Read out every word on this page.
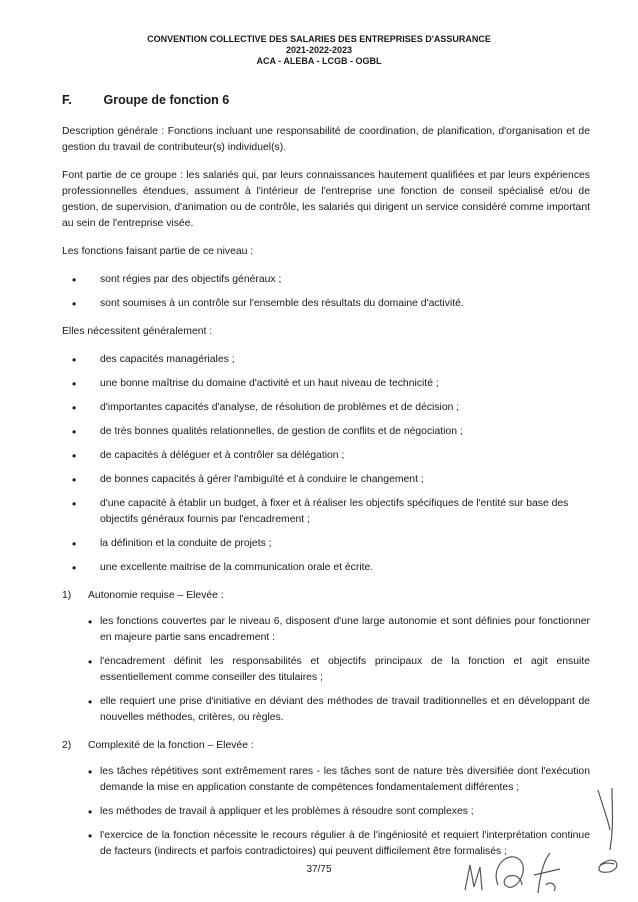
CONVENTION COLLECTIVE DES SALARIES DES ENTREPRISES D'ASSURANCE
2021-2022-2023
ACA - ALEBA - LCGB - OGBL
F.	Groupe de fonction 6

Description générale : Fonctions incluant une responsabilité de coordination, de planification, d'organisation et de gestion du travail de contributeur(s) individuel(s).

Font partie de ce groupe : les salariés qui, par leurs connaissances hautement qualifiées et par leurs expériences professionnelles étendues, assument à l'intérieur de l'entreprise une fonction de conseil spécialisé et/ou de gestion, de supervision, d'animation ou de contrôle, les salariés qui dirigent un service considéré comme important au sein de l'entreprise visée.

Les fonctions faisant partie de ce niveau :

• sont régies par des objectifs généraux ;
• sont soumises à un contrôle sur l'ensemble des résultats du domaine d'activité.

Elles nécessitent généralement :

• des capacités managériales ;
• une bonne maîtrise du domaine d'activité et un haut niveau de technicité ;
• d'importantes capacités d'analyse, de résolution de problèmes et de décision ;
• de très bonnes qualités relationnelles, de gestion de conflits et de négociation ;
• de capacités à déléguer et à contrôler sa délégation ;
• de bonnes capacités à gérer l'ambiguïté et à conduire le changement ;
• d'une capacité à établir un budget, à fixer et à réaliser les objectifs spécifiques de l'entité sur base des objectifs généraux fournis par l'encadrement ;
• la définition et la conduite de projets ;
• une excellente maitrise de la communication orale et écrite.
1) Autonomie requise – Elevée :
• les fonctions couvertes par le niveau 6, disposent d'une large autonomie et sont définies pour fonctionner en majeure partie sans encadrement :
• l'encadrement définit les responsabilités et objectifs principaux de la fonction et agit ensuite essentiellement comme conseiller des titulaires ;
• elle requiert une prise d'initiative en déviant des méthodes de travail traditionnelles et en développant de nouvelles méthodes, critères, ou règles.
2) Complexité de la fonction – Elevée :
• les tâches répétitives sont extrêmement rares - les tâches sont de nature très diversifiée dont l'exécution demande la mise en application constante de compétences fondamentalement différentes ;
• les méthodes de travail à appliquer et les problèmes à résoudre sont complexes ;
• l'exercice de la fonction nécessite le recours régulier à de l'ingéniosité et requiert l'interprétation continue de facteurs (indirects et parfois contradictoires) qui peuvent difficilement être formalisés ;
37/75
